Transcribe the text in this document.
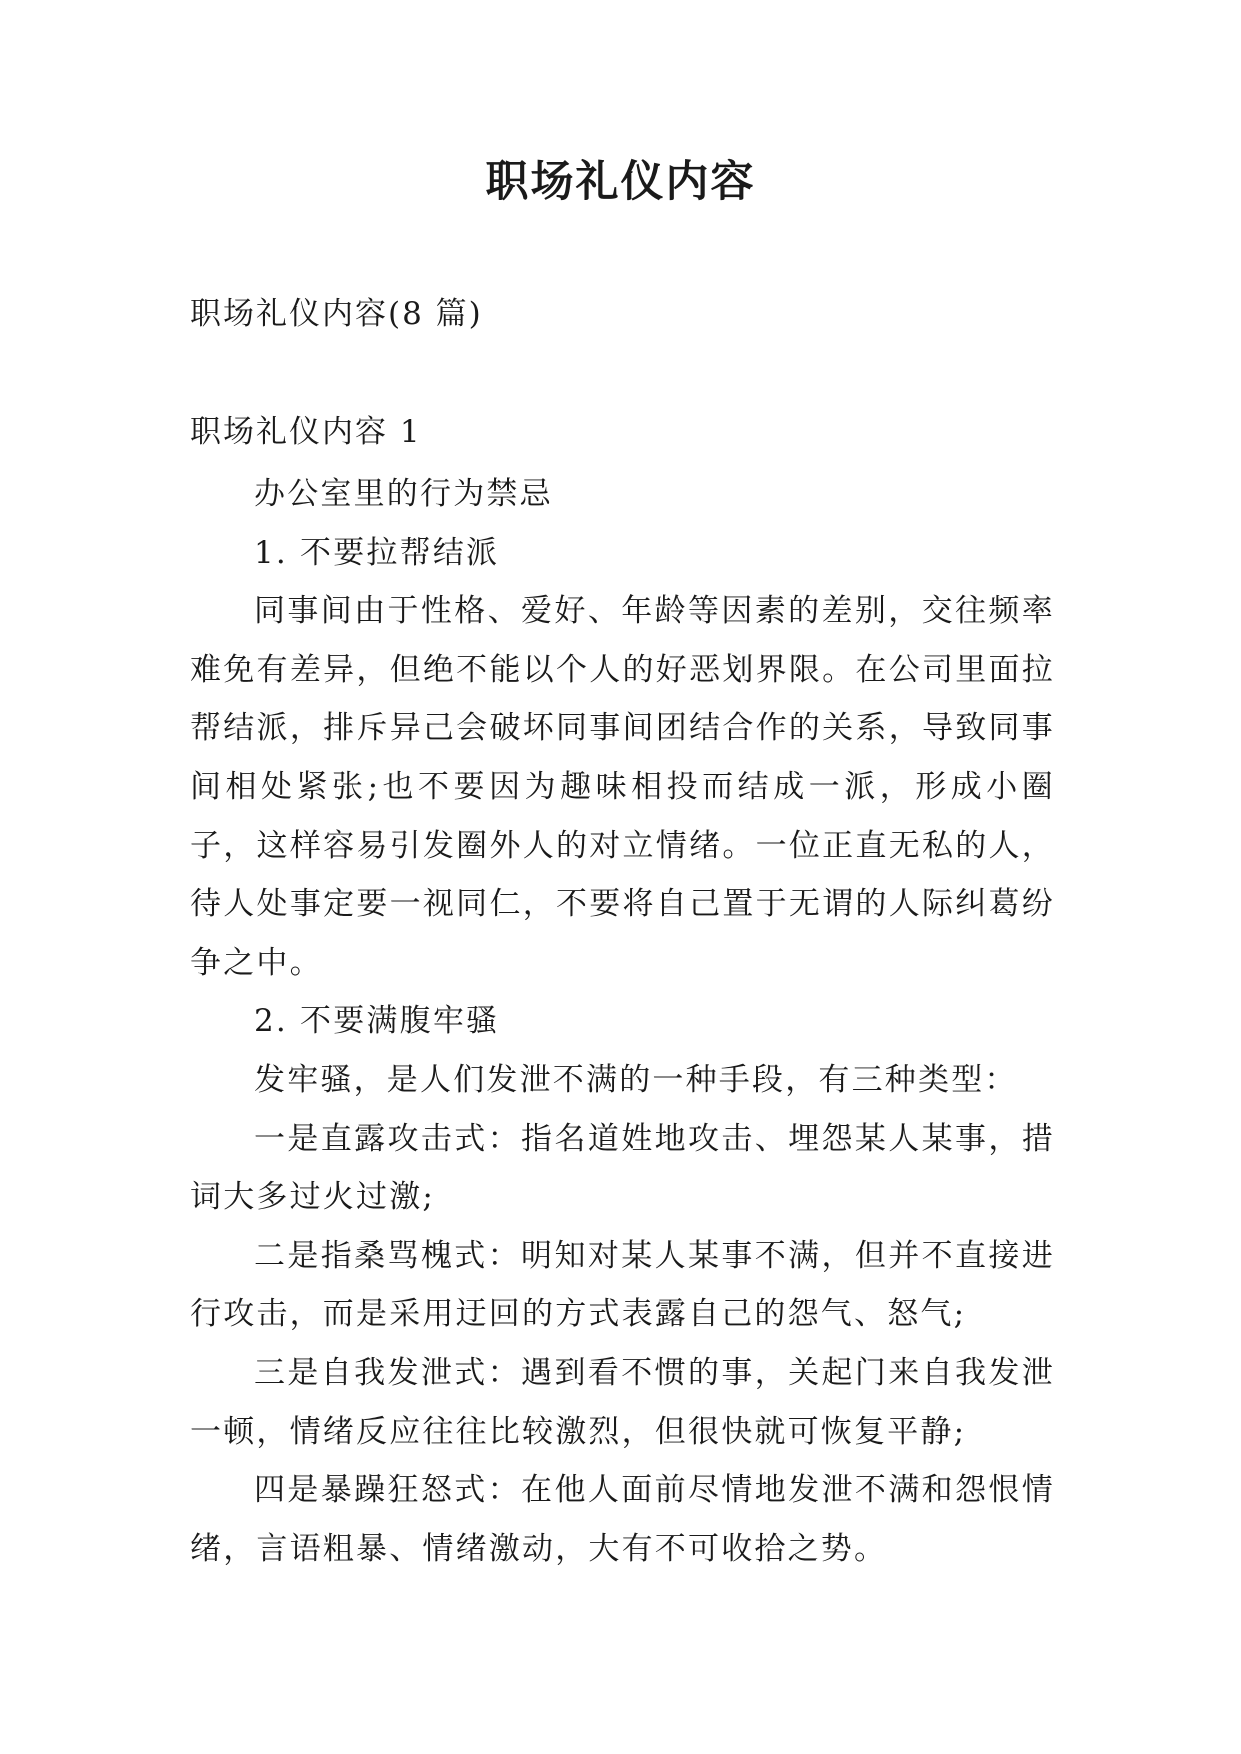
职场礼仪内容

职场礼仪内容(8 篇)

职场礼仪内容 1

办公室里的行为禁忌

1. 不要拉帮结派

同事间由于性格、爱好、年龄等因素的差别，交往频率难免有差异，但绝不能以个人的好恶划界限。在公司里面拉帮结派，排斥异己会破坏同事间团结合作的关系，导致同事间相处紧张;也不要因为趣味相投而结成一派，形成小圈子，这样容易引发圈外人的对立情绪。一位正直无私的人，待人处事定要一视同仁，不要将自己置于无谓的人际纠葛纷争之中。

2. 不要满腹牢骚

发牢骚，是人们发泄不满的一种手段，有三种类型：

一是直露攻击式：指名道姓地攻击、埋怨某人某事，措词大多过火过激;

二是指桑骂槐式：明知对某人某事不满，但并不直接进行攻击，而是采用迂回的方式表露自己的怨气、怒气;

三是自我发泄式：遇到看不惯的事，关起门来自我发泄一顿，情绪反应往往比较激烈，但很快就可恢复平静;

四是暴躁狂怒式：在他人面前尽情地发泄不满和怨恨情绪，言语粗暴、情绪激动，大有不可收拾之势。
